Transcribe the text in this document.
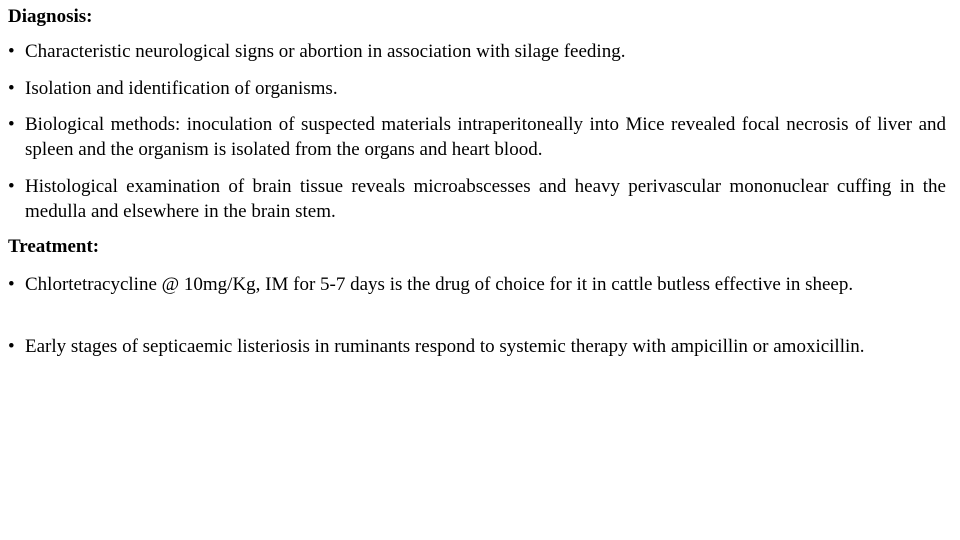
Diagnosis:
• Characteristic neurological signs or abortion in association with silage feeding.
• Isolation and identification of organisms.
• Biological methods: inoculation of suspected materials intraperitoneally into Mice revealed focal necrosis of liver and spleen and the organism is isolated from the organs and heart blood.
• Histological examination of brain tissue reveals microabscesses and heavy perivascular mononuclear cuffing in the medulla and elsewhere in the brain stem.
Treatment:
• Chlortetracycline @ 10mg/Kg, IM for 5-7 days is the drug of choice for it in cattle butless effective in sheep.
• Early stages of septicaemic listeriosis in ruminants respond to systemic therapy with ampicillin or amoxicillin.
